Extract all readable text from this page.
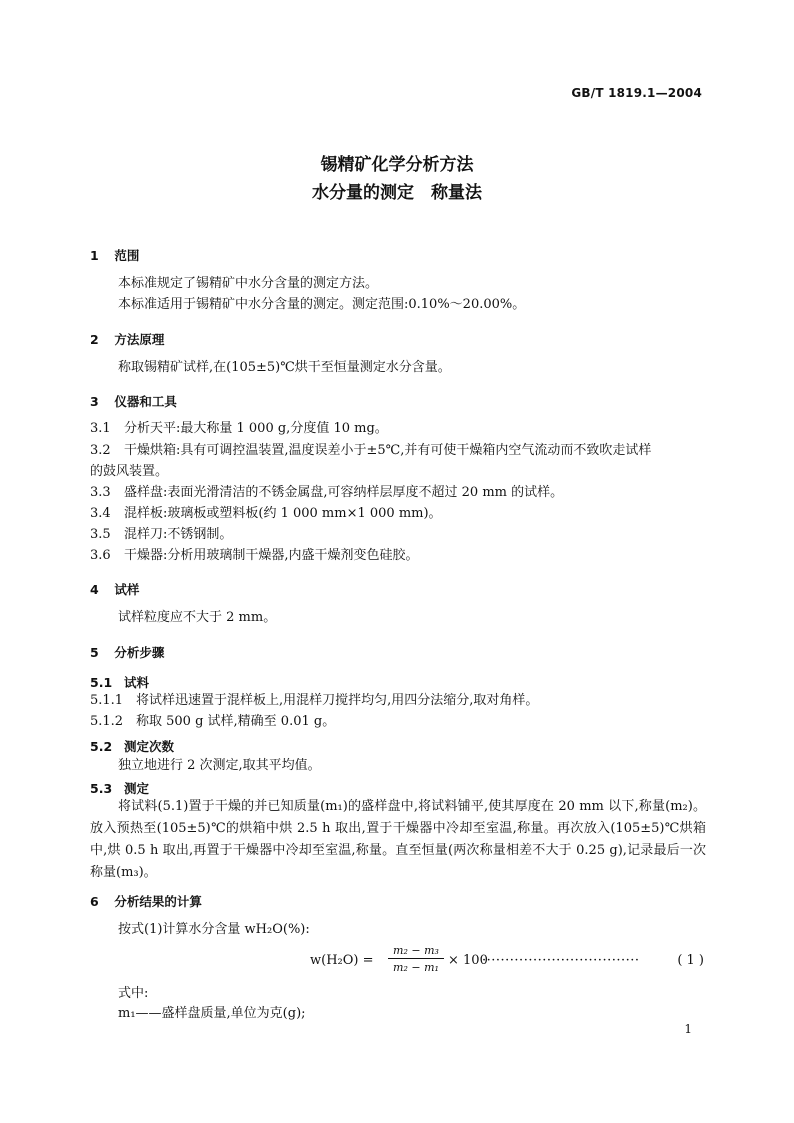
GB/T 1819.1—2004
锡精矿化学分析方法
水分量的测定　称量法
1 范围
本标准规定了锡精矿中水分含量的测定方法。
本标准适用于锡精矿中水分含量的测定。测定范围:0.10%～20.00%。
2 方法原理
称取锡精矿试样,在(105±5)℃烘干至恒量测定水分含量。
3 仪器和工具
3.1 分析天平:最大称量 1 000 g,分度值 10 mg。
3.2 干燥烘箱:具有可调控温装置,温度误差小于±5℃,并有可使干燥箱内空气流动而不致吹走试样
的鼓风装置。
3.3 盛样盘:表面光滑清洁的不锈金属盘,可容纳样层厚度不超过 20 mm 的试样。
3.4 混样板:玻璃板或塑料板(约 1 000 mm×1 000 mm)。
3.5 混样刀:不锈钢制。
3.6 干燥器:分析用玻璃制干燥器,内盛干燥剂变色硅胶。
4 试样
试样粒度应不大于 2 mm。
5 分析步骤
5.1 试料
5.1.1 将试样迅速置于混样板上,用混样刀搅拌均匀,用四分法缩分,取对角样。
5.1.2 称取 500 g 试样,精确至 0.01 g。
5.2 测定次数
独立地进行 2 次测定,取其平均值。
5.3 测定
将试料(5.1)置于干燥的并已知质量(m₁)的盛样盘中,将试料铺平,使其厚度在 20 mm 以下,称量(m₂)。放入预热至(105±5)℃的烘箱中烘 2.5 h 取出,置于干燥器中冷却至室温,称量。再次放入(105±5)℃烘箱中,烘 0.5 h 取出,再置于干燥器中冷却至室温,称量。直至恒量(两次称量相差不大于 0.25 g),记录最后一次称量(m₃)。
6 分析结果的计算
按式(1)计算水分含量 wH₂O(%):
$w(H_2O) = \frac{\text{m₂ − m₃}}{\text{m₂ − m₁}} \times 100$
··································	( 1 )
式中:
m₁——盛样盘质量,单位为克(g);
1
